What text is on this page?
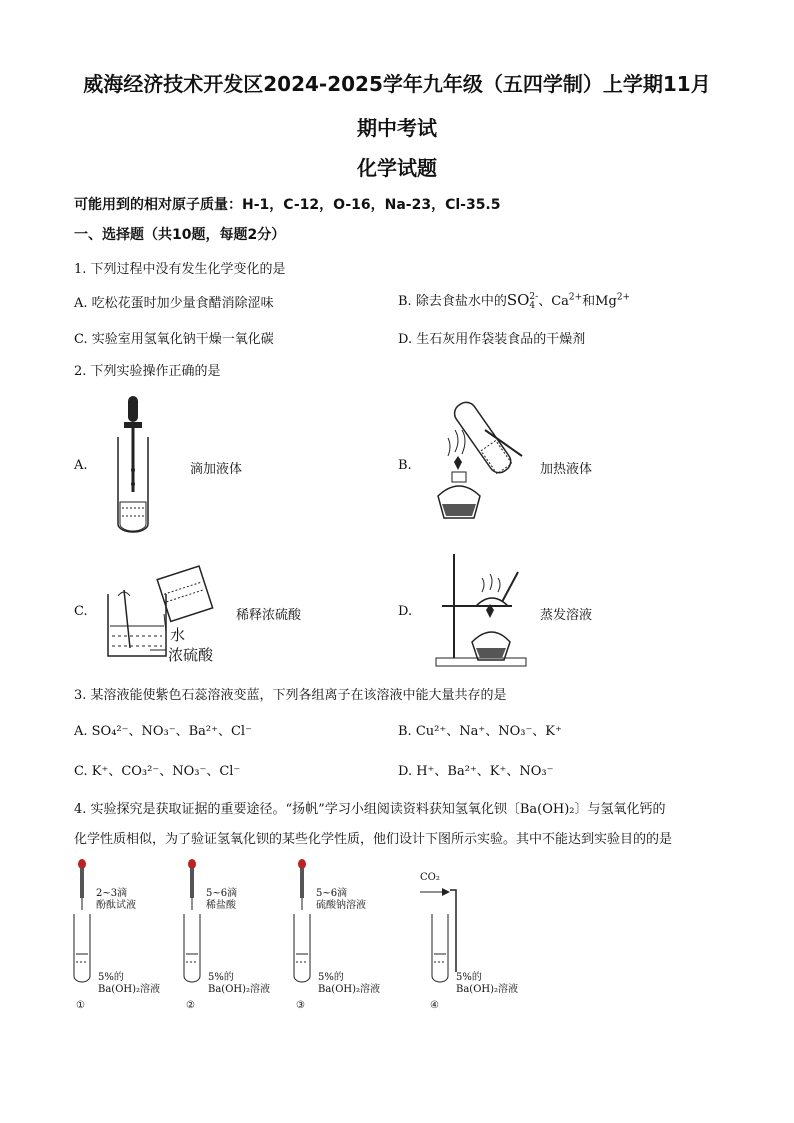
威海经济技术开发区2024-2025学年九年级（五四学制）上学期11月
期中考试
化学试题
可能用到的相对原子质量：H-1，C-12，O-16，Na-23，Cl-35.5
一、选择题（共10题，每题2分）
1. 下列过程中没有发生化学变化的是
A. 吃松花蛋时加少量食醋消除涩味	B. 除去食盐水中的SO 2-
4 、$Ca^{2+}$和$Mg^{2+}$
C. 实验室用氢氧化钠干燥一氧化碳	D. 生石灰用作袋装食品的干燥剂
2. 下列实验操作正确的是
A.	滴加液体	B.	加热液体
C.
水
浓硫酸
稀释浓硫酸	D.	蒸发溶液
3. 某溶液能使紫色石蕊溶液变蓝，下列各组离子在该溶液中能大量共存的是
A. SO₄²⁻、NO₃⁻、Ba²⁺、Cl⁻	B. Cu²⁺、Na⁺、NO₃⁻、K⁺
C. K⁺、CO₃²⁻、NO₃⁻、Cl⁻	D. H⁺、Ba²⁺、K⁺、NO₃⁻
4. 实验探究是获取证据的重要途径。“扬帆”学习小组阅读资料获知氢氧化钡〔Ba(OH)₂〕与氢氧化钙的
化学性质相似，为了验证氢氧化钡的某些化学性质，他们设计下图所示实验。其中不能达到实验目的的是
2~3滴
酚酞试液
5%的
Ba(OH)₂溶液
①
5~6滴
稀盐酸
5%的
Ba(OH)₂溶液
②
5~6滴
硫酸钠溶液
5%的
Ba(OH)₂溶液
③
CO₂
5%的
Ba(OH)₂溶液
④
